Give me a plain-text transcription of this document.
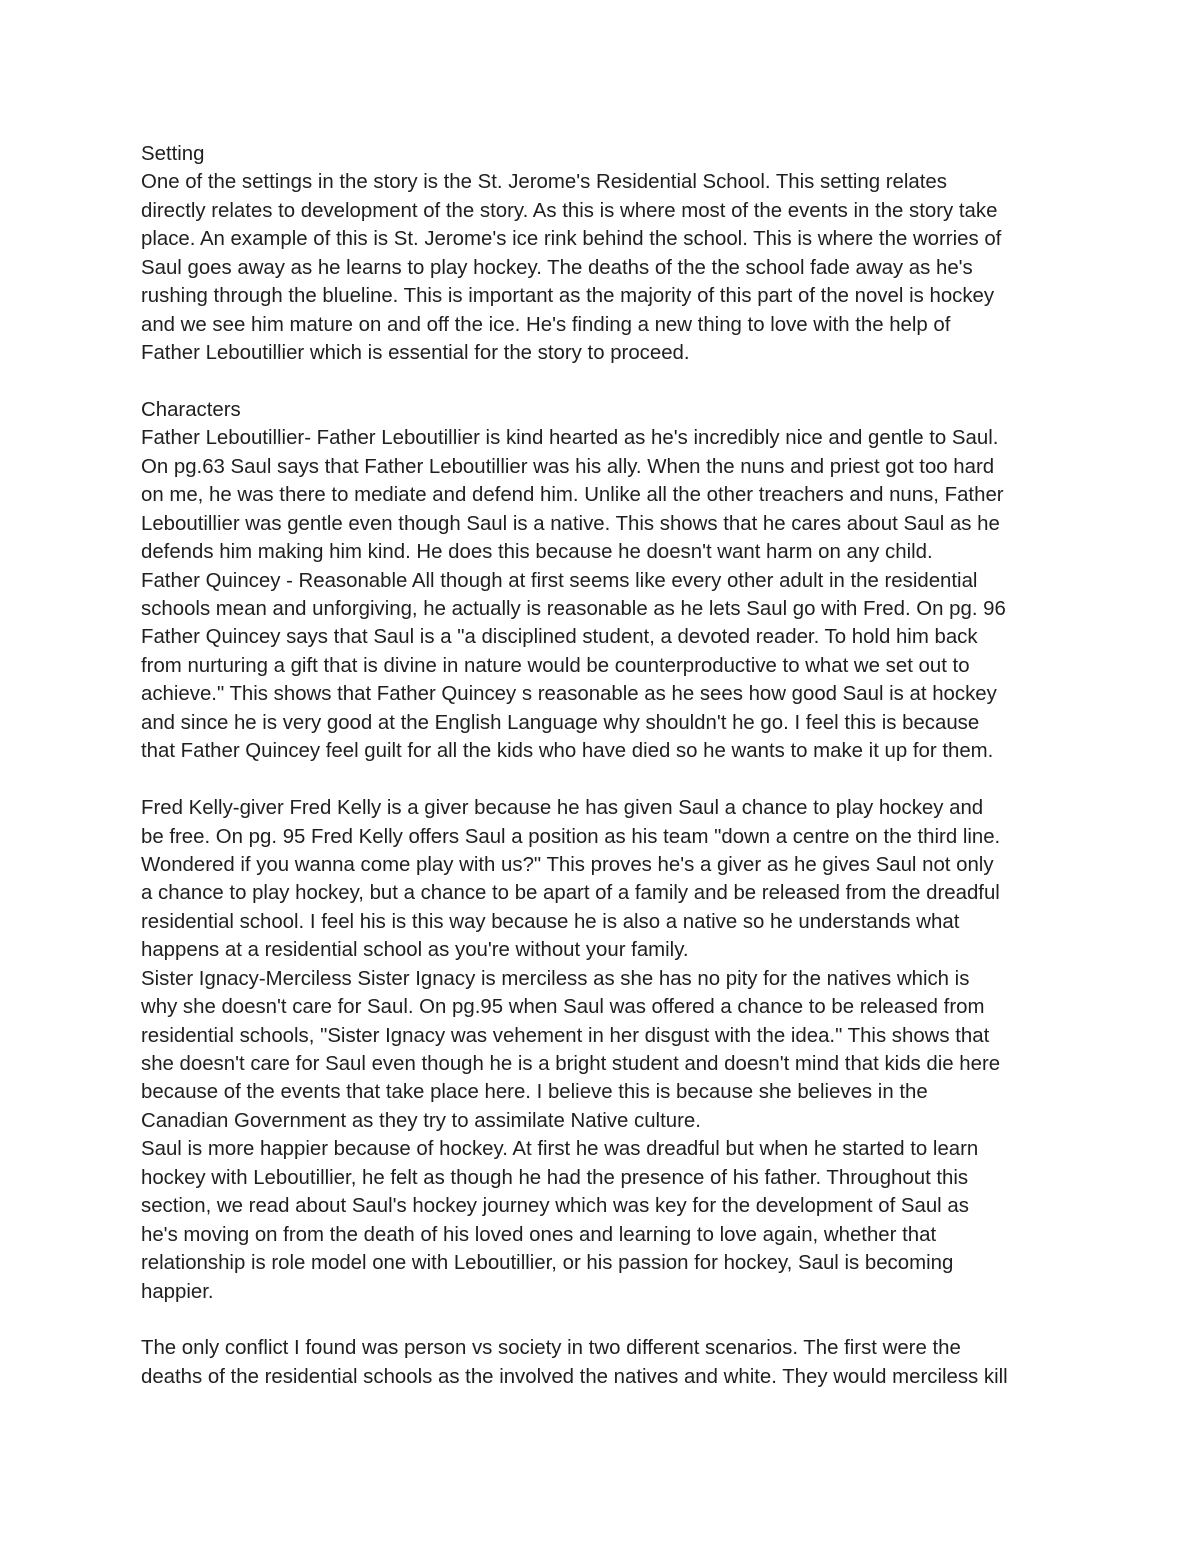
Setting
One of the settings in the story is the St. Jerome's Residential School. This setting relates
directly relates to development of the story. As this is where most of the events in the story take
place. An example of this is St. Jerome's ice rink behind the school. This is where the worries of
Saul goes away as he learns to play hockey. The deaths of the the school fade away as he's
rushing through the blueline. This is important as the majority of this part of the novel is hockey
and we see him mature on and off the ice. He's finding a new thing to love with the help of
Father Leboutillier which is essential for the story to proceed.
Characters
Father Leboutillier- Father Leboutillier is kind hearted as he's incredibly nice and gentle to Saul.
On pg.63 Saul says that Father Leboutillier was his ally. When the nuns and priest got too hard
on me, he was there to mediate and defend him. Unlike all the other treachers and nuns, Father
Leboutillier was gentle even though Saul is a native. This shows that he cares about Saul as he
defends him making him kind. He does this because he doesn't want harm on any child.
Father Quincey - Reasonable All though at first seems like every other adult in the residential
schools mean and unforgiving, he actually is reasonable as he lets Saul go with Fred. On pg. 96
Father Quincey says that Saul is a "a disciplined student, a devoted reader. To hold him back
from nurturing a gift that is divine in nature would be counterproductive to what we set out to
achieve." This shows that Father Quincey s reasonable as he sees how good Saul is at hockey
and since he is very good at the English Language why shouldn't he go. I feel this is because
that Father Quincey feel guilt for all the kids who have died so he wants to make it up for them.
Fred Kelly-giver Fred Kelly is a giver because he has given Saul a chance to play hockey and
be free. On pg. 95 Fred Kelly offers Saul a position as his team "down a centre on the third line.
Wondered if you wanna come play with us?" This proves he's a giver as he gives Saul not only
a chance to play hockey, but a chance to be apart of a family and be released from the dreadful
residential school. I feel his is this way because he is also a native so he understands what
happens at a residential school as you're without your family.
Sister Ignacy-Merciless Sister Ignacy is merciless as she has no pity for the natives which is
why she doesn't care for Saul. On pg.95 when Saul was offered a chance to be released from
residential schools, "Sister Ignacy was vehement in her disgust with the idea." This shows that
she doesn't care for Saul even though he is a bright student and doesn't mind that kids die here
because of the events that take place here. I believe this is because she believes in the
Canadian Government as they try to assimilate Native culture.
Saul is more happier because of hockey. At first he was dreadful but when he started to learn
hockey with Leboutillier, he felt as though he had the presence of his father. Throughout this
section, we read about Saul's hockey journey which was key for the development of Saul as
he's moving on from the death of his loved ones and learning to love again, whether that
relationship is role model one with Leboutillier, or his passion for hockey, Saul is becoming
happier.
The only conflict I found was person vs society in two different scenarios. The first were the
deaths of the residential schools as the involved the natives and white. They would merciless kill
